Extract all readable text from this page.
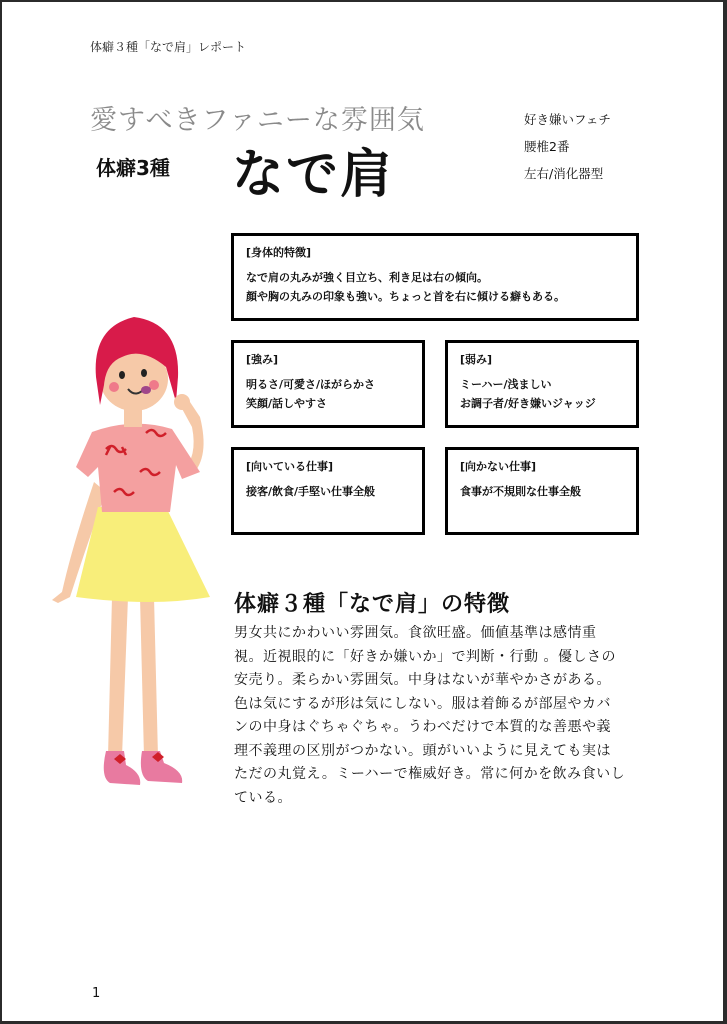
体癖３種「なで肩」レポート
愛すべきファニーな雰囲気
体癖3種 なで肩
好き嫌いフェチ
腰椎2番
左右/消化器型
[身体的特徴]
なで肩の丸みが強く目立ち、利き足は右の傾向。
顔や胸の丸みの印象も強い。ちょっと首を右に傾ける癖もある。
[強み]
明るさ/可愛さ/ほがらかさ
笑顔/話しやすさ
[弱み]
ミーハー/浅ましい
お調子者/好き嫌いジャッジ
[向いている仕事]
接客/飲食/手堅い仕事全般
[向かない仕事]
食事が不規則な仕事全般
体癖３種「なで肩」の特徴
男女共にかわいい雰囲気。食欲旺盛。価値基準は感情重
視。近視眼的に「好きか嫌いか」で判断・行動 。優しさの
安売り。柔らかい雰囲気。中身はないが華やかさがある。
色は気にするが形は気にしない。服は着飾るが部屋やカバ
ンの中身はぐちゃぐちゃ。うわべだけで本質的な善悪や義
理不義理の区別がつかない。頭がいいように見えても実は
ただの丸覚え。ミーハーで権威好き。常に何かを飲み食いし
ている。
1
